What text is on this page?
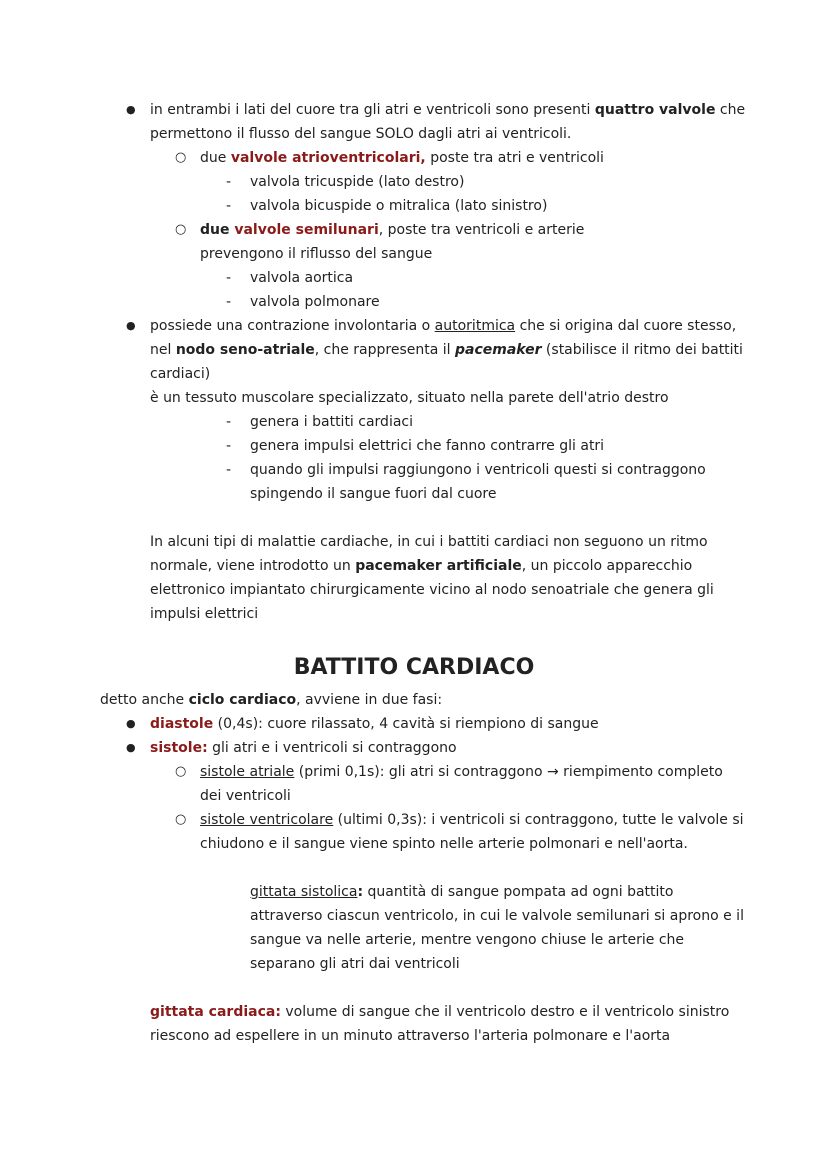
● in entrambi i lati del cuore tra gli atri e ventricoli sono presenti quattro valvole che
permettono il flusso del sangue SOLO dagli atri ai ventricoli.
○ due valvole atrioventricolari, poste tra atri e ventricoli
- valvola tricuspide (lato destro)
- valvola bicuspide o mitralica (lato sinistro)
○ due valvole semilunari, poste tra ventricoli e arterie
prevengono il riflusso del sangue
- valvola aortica
- valvola polmonare
● possiede una contrazione involontaria o autoritmica che si origina dal cuore stesso,
nel nodo seno-atriale, che rappresenta il pacemaker (stabilisce il ritmo dei battiti
cardiaci)
è un tessuto muscolare specializzato, situato nella parete dell'atrio destro
- genera i battiti cardiaci
- genera impulsi elettrici che fanno contrarre gli atri
- quando gli impulsi raggiungono i ventricoli questi si contraggono
spingendo il sangue fuori dal cuore
In alcuni tipi di malattie cardiache, in cui i battiti cardiaci non seguono un ritmo
normale, viene introdotto un pacemaker artificiale, un piccolo apparecchio
elettronico impiantato chirurgicamente vicino al nodo senoatriale che genera gli
impulsi elettrici
BATTITO CARDIACO
detto anche ciclo cardiaco, avviene in due fasi:
● diastole (0,4s): cuore rilassato, 4 cavità si riempiono di sangue
● sistole: gli atri e i ventricoli si contraggono
○ sistole atriale (primi 0,1s): gli atri si contraggono → riempimento completo
dei ventricoli
○ sistole ventricolare (ultimi 0,3s): i ventricoli si contraggono, tutte le valvole si
chiudono e il sangue viene spinto nelle arterie polmonari e nell'aorta.
gittata sistolica: quantità di sangue pompata ad ogni battito
attraverso ciascun ventricolo, in cui le valvole semilunari si aprono e il
sangue va nelle arterie, mentre vengono chiuse le arterie che
separano gli atri dai ventricoli
gittata cardiaca: volume di sangue che il ventricolo destro e il ventricolo sinistro
riescono ad espellere in un minuto attraverso l'arteria polmonare e l'aorta
